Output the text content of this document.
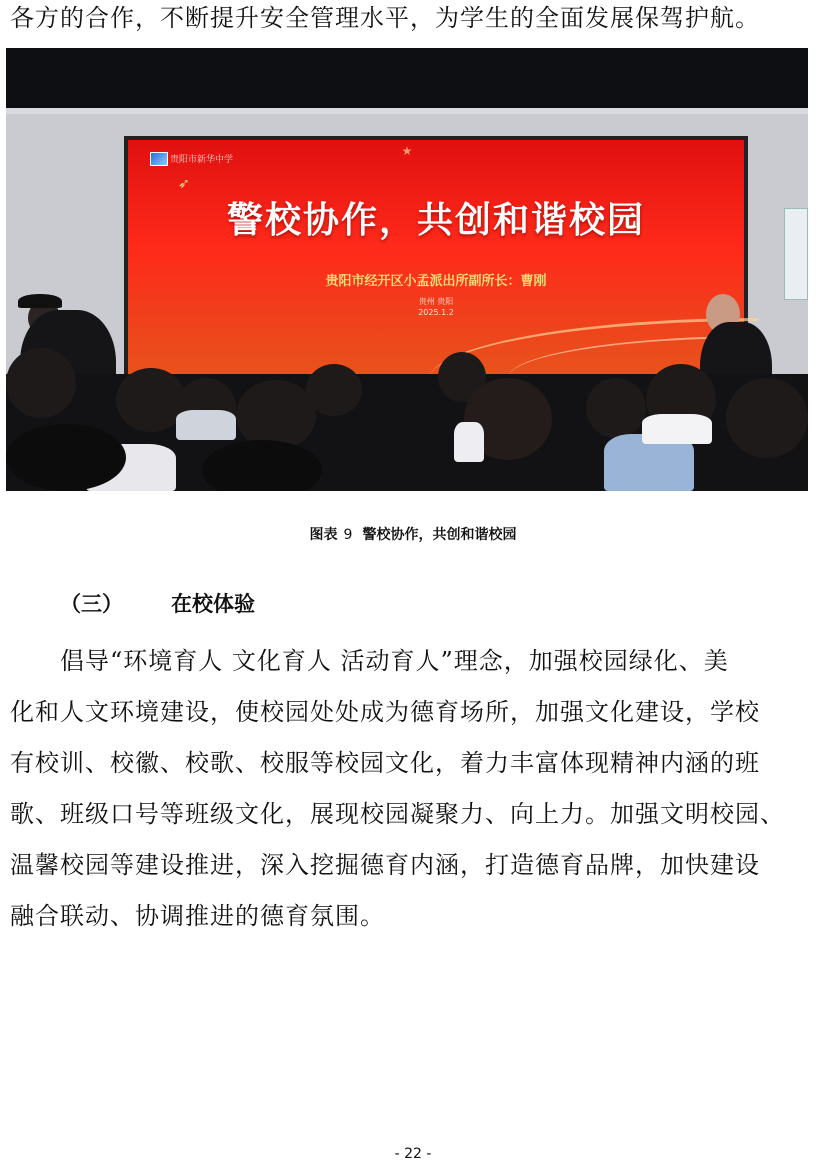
各方的合作，不断提升安全管理水平，为学生的全面发展保驾护航。
★
贵阳市新华中学
➶
警校协作，共创和谐校园
贵阳市经开区小孟派出所副所长：曹刚
贵州 贵阳
2025.1.2
图表 9 警校协作，共创和谐校园
（三） 在校体验
倡导“环境育人 文化育人 活动育人”理念，加强校园绿化、美
化和人文环境建设，使校园处处成为德育场所，加强文化建设，学校
有校训、校徽、校歌、校服等校园文化，着力丰富体现精神内涵的班
歌、班级口号等班级文化，展现校园凝聚力、向上力。加强文明校园、
温馨校园等建设推进，深入挖掘德育内涵，打造德育品牌，加快建设
融合联动、协调推进的德育氛围。
- 22 -
